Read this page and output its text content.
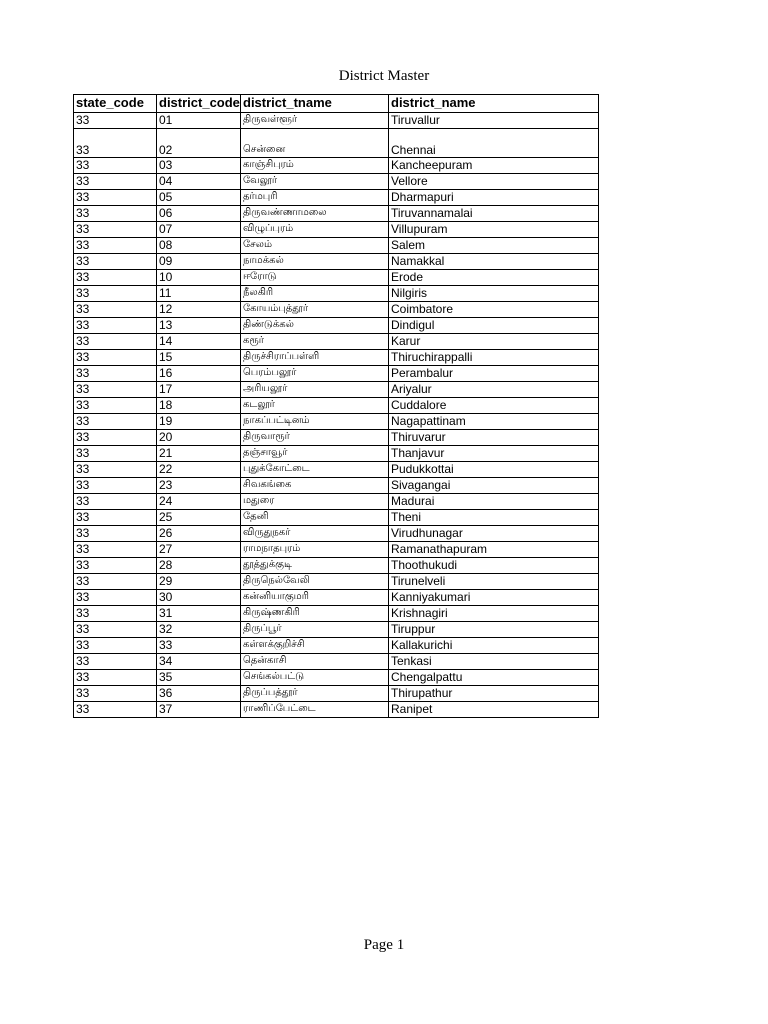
District Master
state_code	district_code	district_tname	district_name
33	01	திருவள்ளூர்	Tiruvallur
33	02	சென்னை	Chennai
33	03	காஞ்சிபுரம்	Kancheepuram
33	04	வேலூர்	Vellore
33	05	தர்மபுரி	Dharmapuri
33	06	திருவண்ணாமலை	Tiruvannamalai
33	07	விழுப்புரம்	Villupuram
33	08	சேலம்	Salem
33	09	நாமக்கல்	Namakkal
33	10	ஈரோடு	Erode
33	11	நீலகிரி	Nilgiris
33	12	கோயம்புத்தூர்	Coimbatore
33	13	திண்டுக்கல்	Dindigul
33	14	கரூர்	Karur
33	15	திருச்சிராப்பள்ளி	Thiruchirappalli
33	16	பெரம்பலூர்	Perambalur
33	17	அரியலூர்	Ariyalur
33	18	கடலூர்	Cuddalore
33	19	நாகப்பட்டினம்	Nagapattinam
33	20	திருவாரூர்	Thiruvarur
33	21	தஞ்சாவூர்	Thanjavur
33	22	புதுக்கோட்டை	Pudukkottai
33	23	சிவகங்கை	Sivagangai
33	24	மதுரை	Madurai
33	25	தேனி	Theni
33	26	விருதுநகர்	Virudhunagar
33	27	ராமநாதபுரம்	Ramanathapuram
33	28	தூத்துக்குடி	Thoothukudi
33	29	திருநெல்வேலி	Tirunelveli
33	30	கன்னியாகுமரி	Kanniyakumari
33	31	கிருஷ்ணகிரி	Krishnagiri
33	32	திருப்பூர்	Tiruppur
33	33	கள்ளக்குறிச்சி	Kallakurichi
33	34	தென்காசி	Tenkasi
33	35	செங்கல்பட்டு	Chengalpattu
33	36	திருப்பத்தூர்	Thirupathur
33	37	ராணிப்பேட்டை	Ranipet
Page 1
